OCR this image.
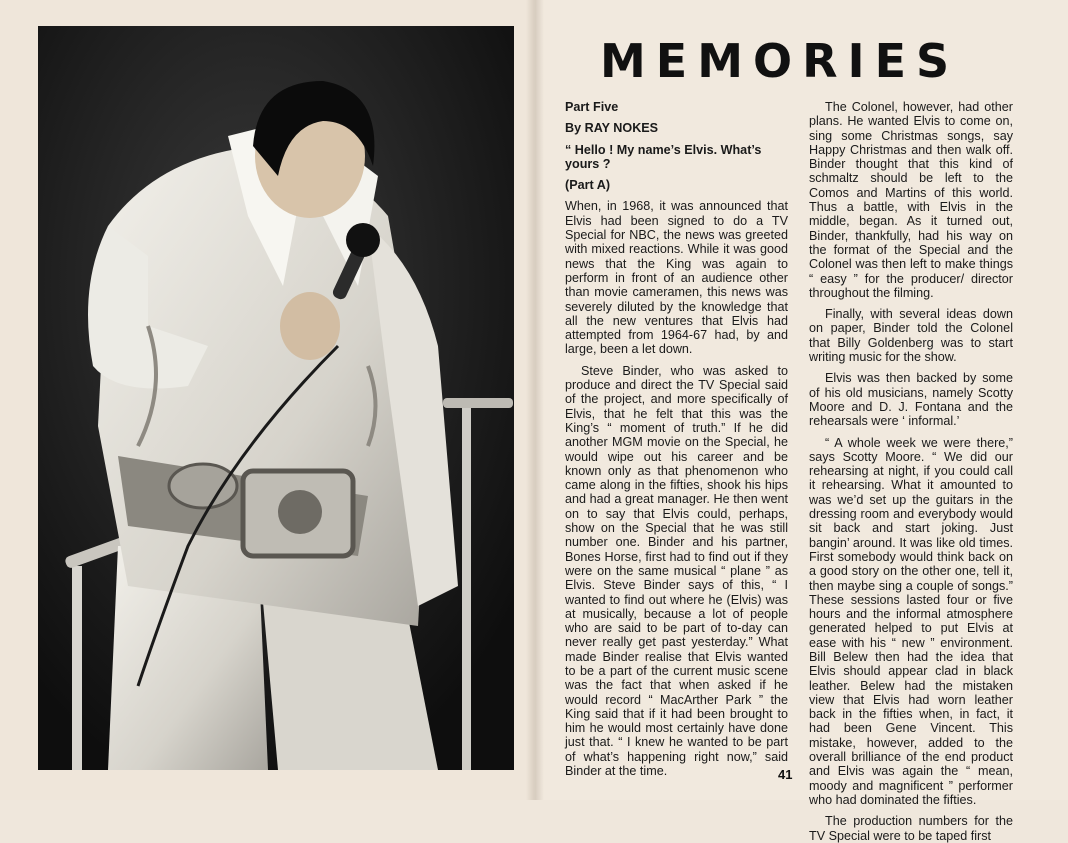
MEMORIES

Part Five

By RAY NOKES

“ Hello ! My name’s Elvis. What’s yours ?

(Part A)

When, in 1968, it was announced that Elvis had been signed to do a TV Special for NBC, the news was greeted with mixed reactions. While it was good news that the King was again to perform in front of an audience other than movie cameramen, this news was severely diluted by the knowledge that all the new ventures that Elvis had attempted from 1964-67 had, by and large, been a let down.

Steve Binder, who was asked to produce and direct the TV Special said of the project, and more specifically of Elvis, that he felt that this was the King’s “ moment of truth.” If he did another MGM movie on the Special, he would wipe out his career and be known only as that phenomenon who came along in the fifties, shook his hips and had a great manager. He then went on to say that Elvis could, perhaps, show on the Special that he was still number one. Binder and his partner, Bones Horse, first had to find out if they were on the same musical “ plane ” as Elvis. Steve Binder says of this, “ I wanted to find out where he (Elvis) was at musically, because a lot of people who are said to be part of to-day can never really get past yesterday.” What made Binder realise that Elvis wanted to be a part of the current music scene was the fact that when asked if he would record “ MacArther Park ” the King said that if it had been brought to him he would most certainly have done just that. “ I knew he wanted to be part of what’s happening right now,” said Binder at the time.

The Colonel, however, had other plans. He wanted Elvis to come on, sing some Christmas songs, say Happy Christmas and then walk off. Binder thought that this kind of schmaltz should be left to the Comos and Martins of this world. Thus a battle, with Elvis in the middle, began. As it turned out, Binder, thankfully, had his way on the format of the Special and the Colonel was then left to make things “ easy ” for the producer/ director throughout the filming.

Finally, with several ideas down on paper, Binder told the Colonel that Billy Goldenberg was to start writing music for the show.

Elvis was then backed by some of his old musicians, namely Scotty Moore and D. J. Fontana and the rehearsals were ‘ informal.’

“ A whole week we were there,” says Scotty Moore. “ We did our rehearsing at night, if you could call it rehearsing. What it amounted to was we’d set up the guitars in the dressing room and everybody would sit back and start joking. Just bangin’ around. It was like old times. First somebody would think back on a good story on the other one, tell it, then maybe sing a couple of songs.” These sessions lasted four or five hours and the informal atmosphere generated helped to put Elvis at ease with his “ new ” environment. Bill Belew then had the idea that Elvis should appear clad in black leather. Belew had the mistaken view that Elvis had worn leather back in the fifties when, in fact, it had been Gene Vincent. This mistake, however, added to the overall brilliance of the end product and Elvis was again the “ mean, moody and magnificent ” performer who had dominated the fifties.

The production numbers for the TV Special were to be taped first

41
